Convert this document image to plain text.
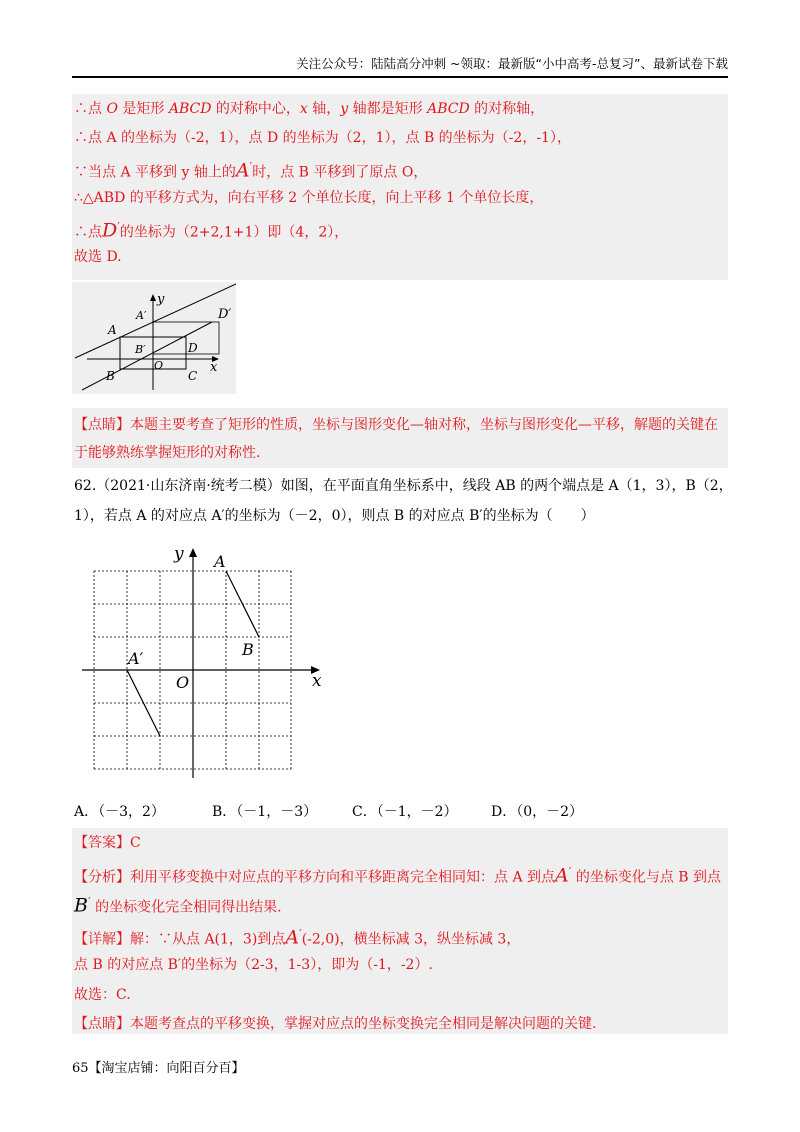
关注公众号：陆陆高分冲刺 ~领取：最新版“小中高考-总复习”、最新试卷下载
∴点 O 是矩形 ABCD 的对称中心，x 轴，y 轴都是矩形 ABCD 的对称轴，
∴点 A 的坐标为（-2，1），点 D 的坐标为（2，1），点 B 的坐标为（-2，-1），
∵当点 A 平移到 y 轴上的A′时，点 B 平移到了原点 O，
∴△ABD 的平移方式为，向右平移 2 个单位长度，向上平移 1 个单位长度，
∴点D′的坐标为（2+2,1+1）即（4，2），
故选 D.
y
A′	D′
A
B′
O
D
x
B	C
【点睛】本题主要考查了矩形的性质，坐标与图形变化—轴对称，坐标与图形变化—平移，解题的关键在于能够熟练掌握矩形的对称性.
62.（2021·山东济南·统考二模）如图，在平面直角坐标系中，线段 AB 的两个端点是 A（1，3），B（2，
1），若点 A 的对应点 A′的坐标为（－2，0），则点 B 的对应点 B′的坐标为（　　）
y A
B
A′
O	x
A．（－3，2）	B．（－1，－3） C．（－1，－2） D．（0，－2）
【答案】C
【分析】利用平移变换中对应点的平移方向和平移距离完全相同知：点 A 到点A′ 的坐标变化与点 B 到点
B′ 的坐标变化完全相同得出结果.
【详解】解：∵从点 A(1，3)到点A′(-2,0)，横坐标减 3，纵坐标减 3，
点 B 的对应点 B′的坐标为（2-3，1-3），即为（-1，-2）.
故选：C.
【点睛】本题考查点的平移变换，掌握对应点的坐标变换完全相同是解决问题的关键.
65【淘宝店铺：向阳百分百】
